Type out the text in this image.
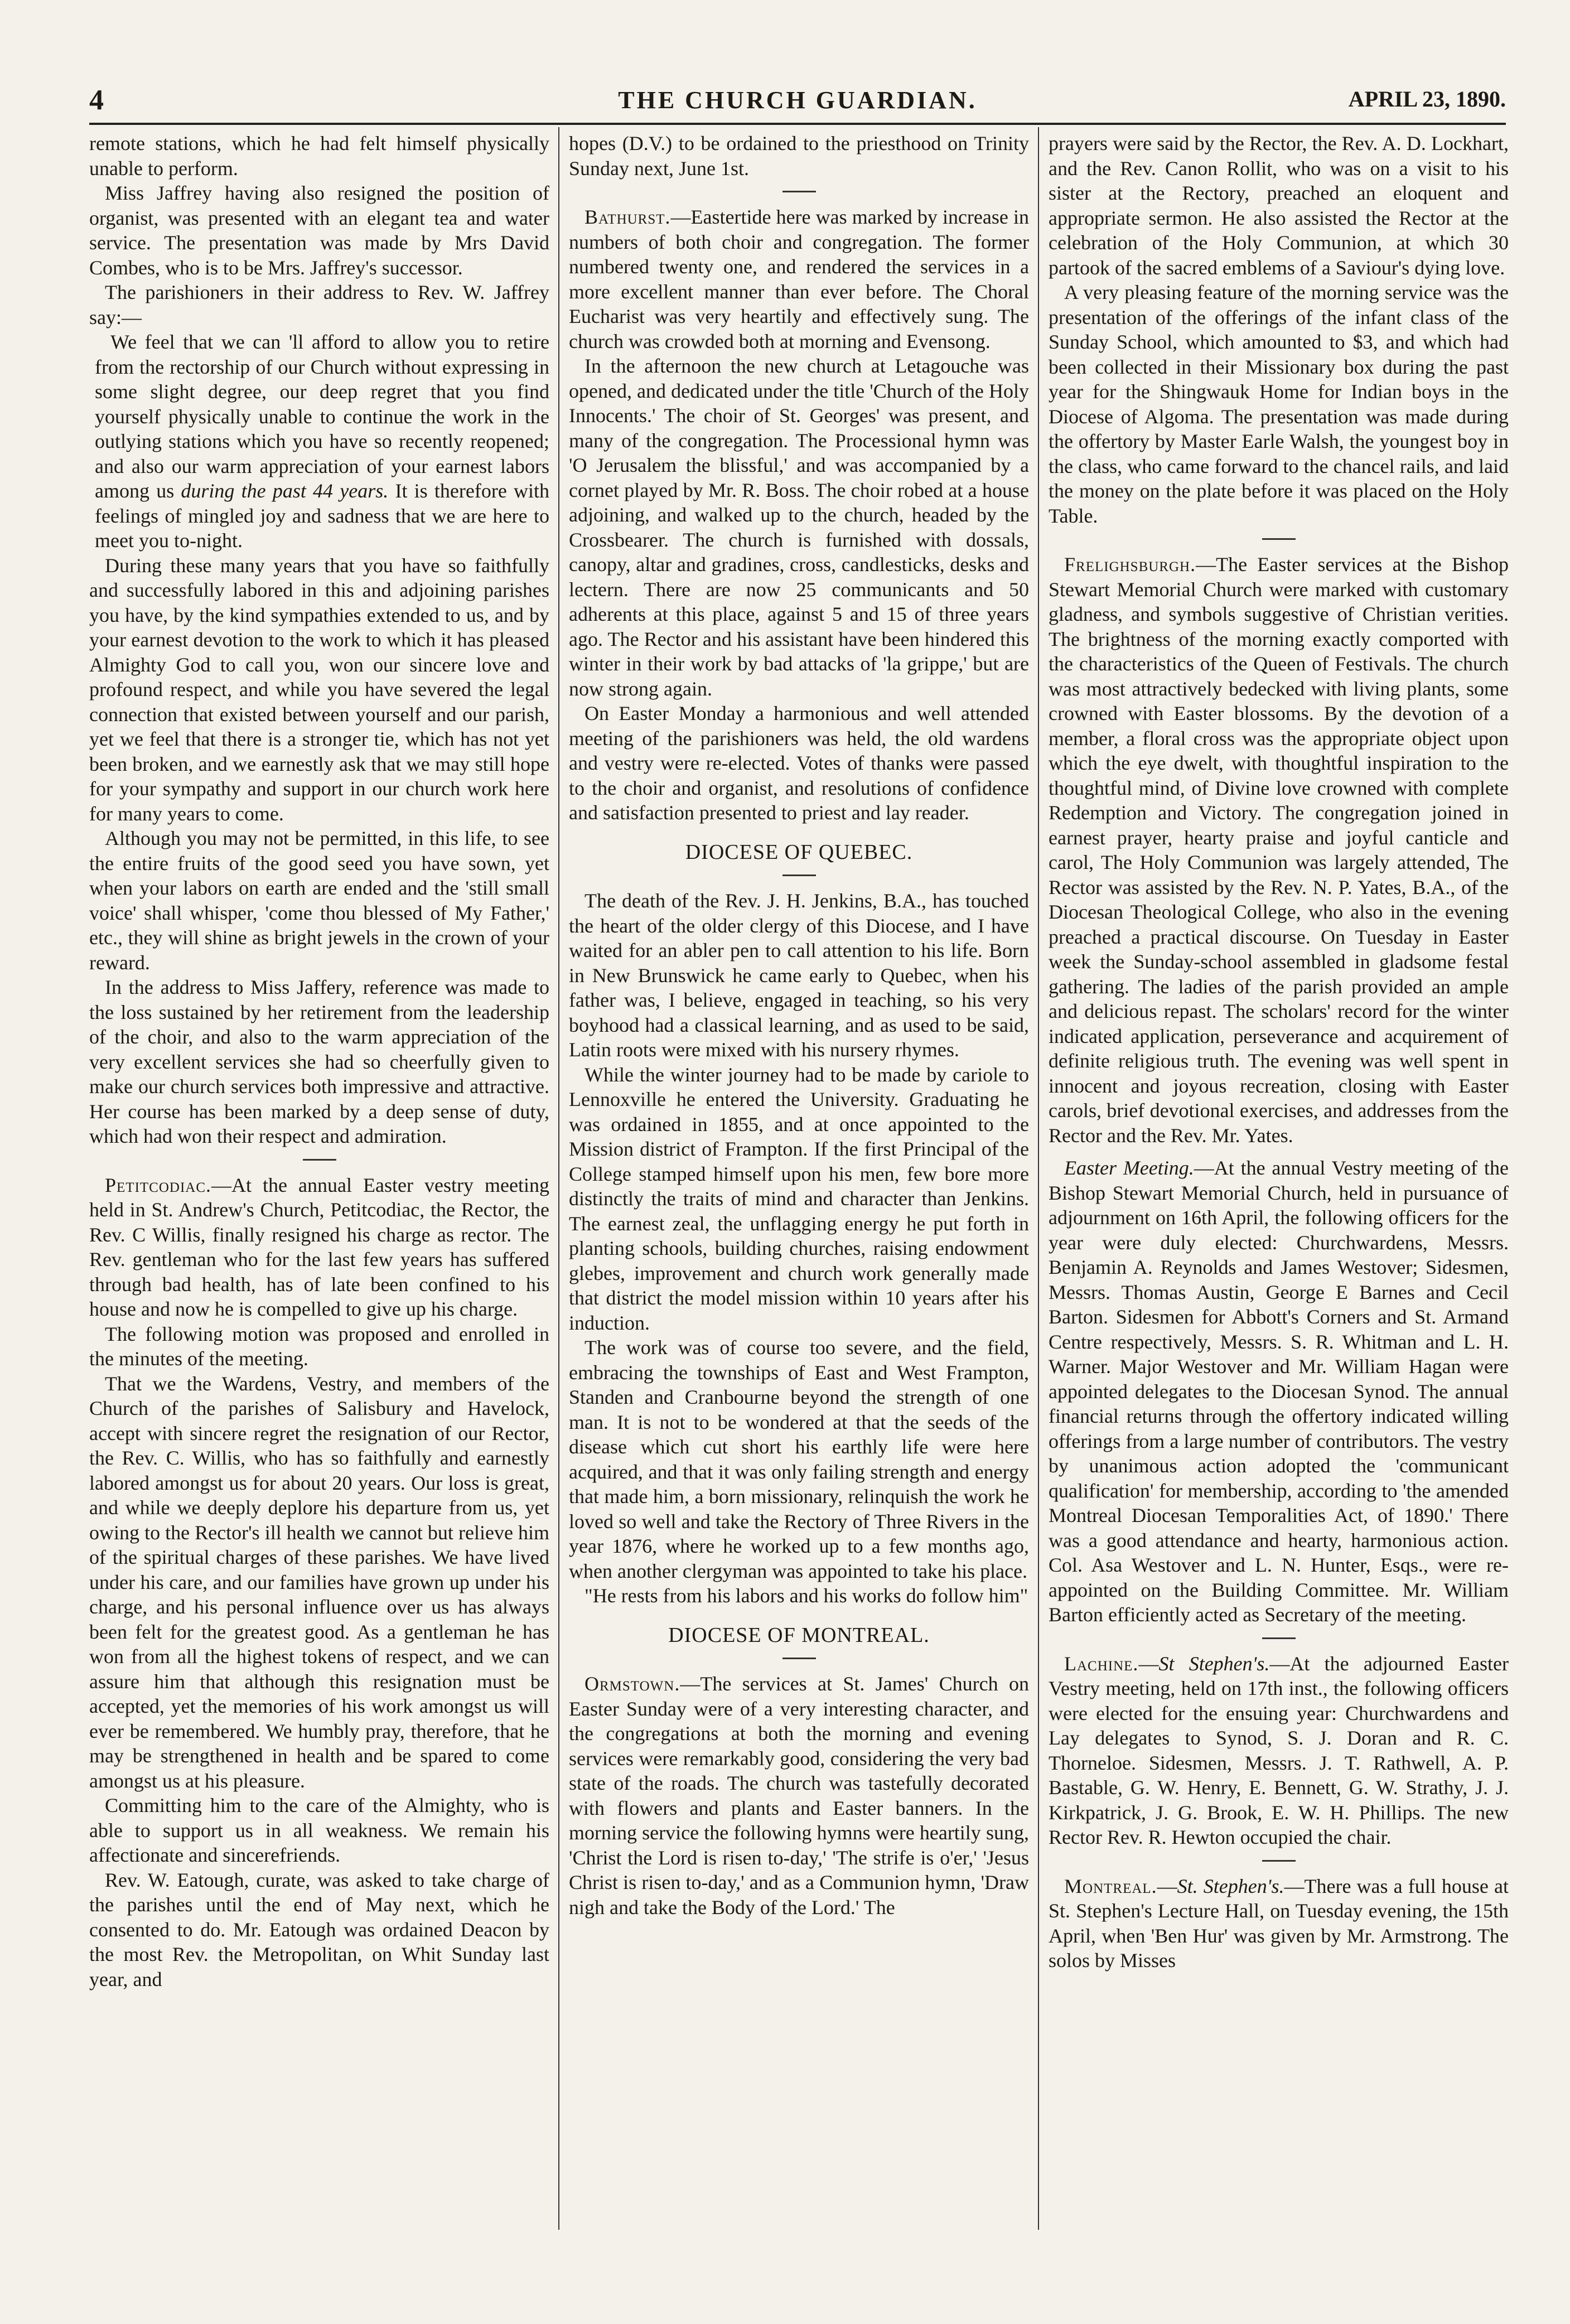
4	THE CHURCH GUARDIAN.	APRIL 23, 1890.

remote stations, which he had felt himself physically unable to perform.

Miss Jaffrey having also resigned the position of organist, was presented with an elegant tea and water service. The presentation was made by Mrs David Combes, who is to be Mrs. Jaffrey's successor.

The parishioners in their address to Rev. W. Jaffrey say:—

We feel that we can 'll afford to allow you to retire from the rectorship of our Church without expressing in some slight degree, our deep regret that you find yourself physically unable to continue the work in the outlying stations which you have so recently reopened; and also our warm appreciation of your earnest labors among us during the past 44 years. It is therefore with feelings of mingled joy and sadness that we are here to meet you to-night.

During these many years that you have so faithfully and successfully labored in this and adjoining parishes you have, by the kind sympathies extended to us, and by your earnest devotion to the work to which it has pleased Almighty God to call you, won our sincere love and profound respect, and while you have severed the legal connection that existed between yourself and our parish, yet we feel that there is a stronger tie, which has not yet been broken, and we earnestly ask that we may still hope for your sympathy and support in our church work here for many years to come.

Although you may not be permitted, in this life, to see the entire fruits of the good seed you have sown, yet when your labors on earth are ended and the 'still small voice' shall whisper, 'come thou blessed of My Father,' etc., they will shine as bright jewels in the crown of your reward.

In the address to Miss Jaffery, reference was made to the loss sustained by her retirement from the leadership of the choir, and also to the warm appreciation of the very excellent services she had so cheerfully given to make our church services both impressive and attractive. Her course has been marked by a deep sense of duty, which had won their respect and admiration.

Petitcodiac.—At the annual Easter vestry meeting held in St. Andrew's Church, Petitcodiac, the Rector, the Rev. C Willis, finally resigned his charge as rector. The Rev. gentleman who for the last few years has suffered through bad health, has of late been confined to his house and now he is compelled to give up his charge.

The following motion was proposed and enrolled in the minutes of the meeting.

That we the Wardens, Vestry, and members of the Church of the parishes of Salisbury and Havelock, accept with sincere regret the resignation of our Rector, the Rev. C. Willis, who has so faithfully and earnestly labored amongst us for about 20 years. Our loss is great, and while we deeply deplore his departure from us, yet owing to the Rector's ill health we cannot but relieve him of the spiritual charges of these parishes. We have lived under his care, and our families have grown up under his charge, and his personal influence over us has always been felt for the greatest good. As a gentleman he has won from all the highest tokens of respect, and we can assure him that although this resignation must be accepted, yet the memories of his work amongst us will ever be remembered. We humbly pray, therefore, that he may be strengthened in health and be spared to come amongst us at his pleasure.

Committing him to the care of the Almighty, who is able to support us in all weakness. We remain his affectionate and sincerefriends.

Rev. W. Eatough, curate, was asked to take charge of the parishes until the end of May next, which he consented to do. Mr. Eatough was ordained Deacon by the most Rev. the Metropolitan, on Whit Sunday last year, and

hopes (D.V.) to be ordained to the priesthood on Trinity Sunday next, June 1st.

Bathurst.—Eastertide here was marked by increase in numbers of both choir and congregation. The former numbered twenty one, and rendered the services in a more excellent manner than ever before. The Choral Eucharist was very heartily and effectively sung. The church was crowded both at morning and Evensong.

In the afternoon the new church at Letagouche was opened, and dedicated under the title 'Church of the Holy Innocents.' The choir of St. Georges' was present, and many of the congregation. The Processional hymn was 'O Jerusalem the blissful,' and was accompanied by a cornet played by Mr. R. Boss. The choir robed at a house adjoining, and walked up to the church, headed by the Crossbearer. The church is furnished with dossals, canopy, altar and gradines, cross, candlesticks, desks and lectern. There are now 25 communicants and 50 adherents at this place, against 5 and 15 of three years ago. The Rector and his assistant have been hindered this winter in their work by bad attacks of 'la grippe,' but are now strong again.

On Easter Monday a harmonious and well attended meeting of the parishioners was held, the old wardens and vestry were re-elected. Votes of thanks were passed to the choir and organist, and resolutions of confidence and satisfaction presented to priest and lay reader.

DIOCESE OF QUEBEC.

The death of the Rev. J. H. Jenkins, B.A., has touched the heart of the older clergy of this Diocese, and I have waited for an abler pen to call attention to his life. Born in New Brunswick he came early to Quebec, when his father was, I believe, engaged in teaching, so his very boyhood had a classical learning, and as used to be said, Latin roots were mixed with his nursery rhymes.

While the winter journey had to be made by cariole to Lennoxville he entered the University. Graduating he was ordained in 1855, and at once appointed to the Mission district of Frampton. If the first Principal of the College stamped himself upon his men, few bore more distinctly the traits of mind and character than Jenkins. The earnest zeal, the unflagging energy he put forth in planting schools, building churches, raising endowment glebes, improvement and church work generally made that district the model mission within 10 years after his induction.

The work was of course too severe, and the field, embracing the townships of East and West Frampton, Standen and Cranbourne beyond the strength of one man. It is not to be wondered at that the seeds of the disease which cut short his earthly life were here acquired, and that it was only failing strength and energy that made him, a born missionary, relinquish the work he loved so well and take the Rectory of Three Rivers in the year 1876, where he worked up to a few months ago, when another clergyman was appointed to take his place.

"He rests from his labors and his works do follow him"

DIOCESE OF MONTREAL.

Ormstown.—The services at St. James' Church on Easter Sunday were of a very interesting character, and the congregations at both the morning and evening services were remarkably good, considering the very bad state of the roads. The church was tastefully decorated with flowers and plants and Easter banners. In the morning service the following hymns were heartily sung, 'Christ the Lord is risen to-day,' 'The strife is o'er,' 'Jesus Christ is risen to-day,' and as a Communion hymn, 'Draw nigh and take the Body of the Lord.' The

prayers were said by the Rector, the Rev. A. D. Lockhart, and the Rev. Canon Rollit, who was on a visit to his sister at the Rectory, preached an eloquent and appropriate sermon. He also assisted the Rector at the celebration of the Holy Communion, at which 30 partook of the sacred emblems of a Saviour's dying love.

A very pleasing feature of the morning service was the presentation of the offerings of the infant class of the Sunday School, which amounted to $3, and which had been collected in their Missionary box during the past year for the Shingwauk Home for Indian boys in the Diocese of Algoma. The presentation was made during the offertory by Master Earle Walsh, the youngest boy in the class, who came forward to the chancel rails, and laid the money on the plate before it was placed on the Holy Table.

Frelighsburgh.—The Easter services at the Bishop Stewart Memorial Church were marked with customary gladness, and symbols suggestive of Christian verities. The brightness of the morning exactly comported with the characteristics of the Queen of Festivals. The church was most attractively bedecked with living plants, some crowned with Easter blossoms. By the devotion of a member, a floral cross was the appropriate object upon which the eye dwelt, with thoughtful inspiration to the thoughtful mind, of Divine love crowned with complete Redemption and Victory. The congregation joined in earnest prayer, hearty praise and joyful canticle and carol, The Holy Communion was largely attended, The Rector was assisted by the Rev. N. P. Yates, B.A., of the Diocesan Theological College, who also in the evening preached a practical discourse. On Tuesday in Easter week the Sunday-school assembled in gladsome festal gathering. The ladies of the parish provided an ample and delicious repast. The scholars' record for the winter indicated application, perseverance and acquirement of definite religious truth. The evening was well spent in innocent and joyous recreation, closing with Easter carols, brief devotional exercises, and addresses from the Rector and the Rev. Mr. Yates.

Easter Meeting.—At the annual Vestry meeting of the Bishop Stewart Memorial Church, held in pursuance of adjournment on 16th April, the following officers for the year were duly elected: Churchwardens, Messrs. Benjamin A. Reynolds and James Westover; Sidesmen, Messrs. Thomas Austin, George E Barnes and Cecil Barton. Sidesmen for Abbott's Corners and St. Armand Centre respectively, Messrs. S. R. Whitman and L. H. Warner. Major Westover and Mr. William Hagan were appointed delegates to the Diocesan Synod. The annual financial returns through the offertory indicated willing offerings from a large number of contributors. The vestry by unanimous action adopted the 'communicant qualification' for membership, according to 'the amended Montreal Diocesan Temporalities Act, of 1890.' There was a good attendance and hearty, harmonious action. Col. Asa Westover and L. N. Hunter, Esqs., were re-appointed on the Building Committee. Mr. William Barton efficiently acted as Secretary of the meeting.

Lachine.—St Stephen's.—At the adjourned Easter Vestry meeting, held on 17th inst., the following officers were elected for the ensuing year: Churchwardens and Lay delegates to Synod, S. J. Doran and R. C. Thorneloe. Sidesmen, Messrs. J. T. Rathwell, A. P. Bastable, G. W. Henry, E. Bennett, G. W. Strathy, J. J. Kirkpatrick, J. G. Brook, E. W. H. Phillips. The new Rector Rev. R. Hewton occupied the chair.

Montreal.—St. Stephen's.—There was a full house at St. Stephen's Lecture Hall, on Tuesday evening, the 15th April, when 'Ben Hur' was given by Mr. Armstrong. The solos by Misses
